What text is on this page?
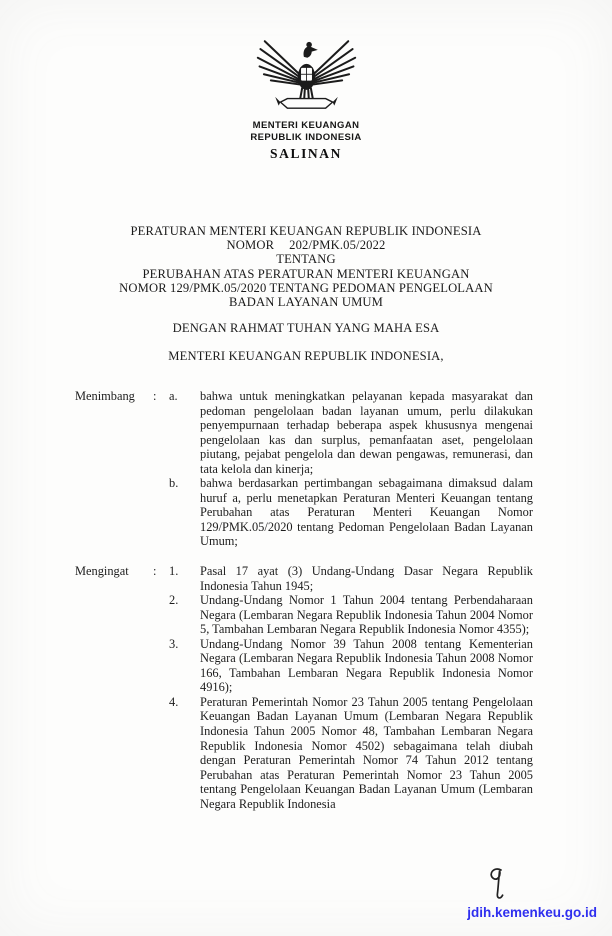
MENTERI KEUANGAN
REPUBLIK INDONESIA
SALINAN
PERATURAN MENTERI KEUANGAN REPUBLIK INDONESIA
NOMOR 202/PMK.05/2022
TENTANG
PERUBAHAN ATAS PERATURAN MENTERI KEUANGAN
NOMOR 129/PMK.05/2020 TENTANG PEDOMAN PENGELOLAAN
BADAN LAYANAN UMUM
DENGAN RAHMAT TUHAN YANG MAHA ESA
MENTERI KEUANGAN REPUBLIK INDONESIA,
Menimbang	:	a.	bahwa untuk meningkatkan pelayanan kepada masyarakat dan pedoman pengelolaan badan layanan umum, perlu dilakukan penyempurnaan terhadap beberapa aspek khususnya mengenai pengelolaan kas dan surplus, pemanfaatan aset, pengelolaan piutang, pejabat pengelola dan dewan pengawas, remunerasi, dan tata kelola dan kinerja;
b.	bahwa berdasarkan pertimbangan sebagaimana dimaksud dalam huruf a, perlu menetapkan Peraturan Menteri Keuangan tentang Perubahan atas Peraturan Menteri Keuangan Nomor 129/PMK.05/2020 tentang Pedoman Pengelolaan Badan Layanan Umum;
Mengingat	:	1.	Pasal 17 ayat (3) Undang-Undang Dasar Negara Republik Indonesia Tahun 1945;
2.	Undang-Undang Nomor 1 Tahun 2004 tentang Perbendaharaan Negara (Lembaran Negara Republik Indonesia Tahun 2004 Nomor 5, Tambahan Lembaran Negara Republik Indonesia Nomor 4355);
3.	Undang-Undang Nomor 39 Tahun 2008 tentang Kementerian Negara (Lembaran Negara Republik Indonesia Tahun 2008 Nomor 166, Tambahan Lembaran Negara Republik Indonesia Nomor 4916);
4.	Peraturan Pemerintah Nomor 23 Tahun 2005 tentang Pengelolaan Keuangan Badan Layanan Umum (Lembaran Negara Republik Indonesia Tahun 2005 Nomor 48, Tambahan Lembaran Negara Republik Indonesia Nomor 4502) sebagaimana telah diubah dengan Peraturan Pemerintah Nomor 74 Tahun 2012 tentang Perubahan atas Peraturan Pemerintah Nomor 23 Tahun 2005 tentang Pengelolaan Keuangan Badan Layanan Umum (Lembaran Negara Republik Indonesia
jdih.kemenkeu.go.id
